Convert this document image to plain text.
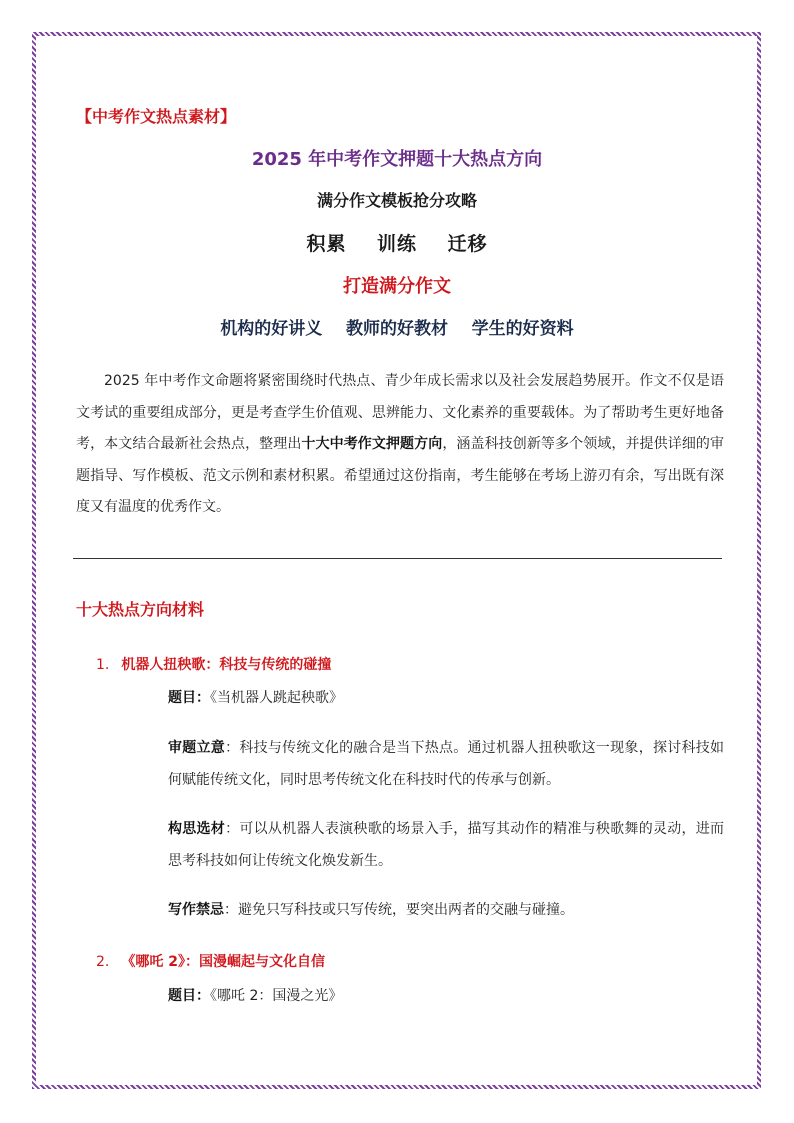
【中考作文热点素材】
2025 年中考作文押题十大热点方向
满分作文模板抢分攻略
积累    训练    迁移
打造满分作文
机构的好讲义    教师的好教材    学生的好资料
2025 年中考作文命题将紧密围绕时代热点、青少年成长需求以及社会发展趋势展开。作文不仅是语文考试的重要组成部分，更是考查学生价值观、思辨能力、文化素养的重要载体。为了帮助考生更好地备考，本文结合最新社会热点，整理出十大中考作文押题方向，涵盖科技创新等多个领域，并提供详细的审题指导、写作模板、范文示例和素材积累。希望通过这份指南，考生能够在考场上游刃有余，写出既有深度又有温度的优秀作文。
十大热点方向材料
1. 机器人扭秧歌：科技与传统的碰撞
题目：《当机器人跳起秧歌》
审题立意：科技与传统文化的融合是当下热点。通过机器人扭秧歌这一现象，探讨科技如何赋能传统文化，同时思考传统文化在科技时代的传承与创新。
构思选材：可以从机器人表演秧歌的场景入手，描写其动作的精准与秧歌舞的灵动，进而思考科技如何让传统文化焕发新生。
写作禁忌：避免只写科技或只写传统，要突出两者的交融与碰撞。
2. 《哪吒 2》：国漫崛起与文化自信
题目：《哪吒 2：国漫之光》
